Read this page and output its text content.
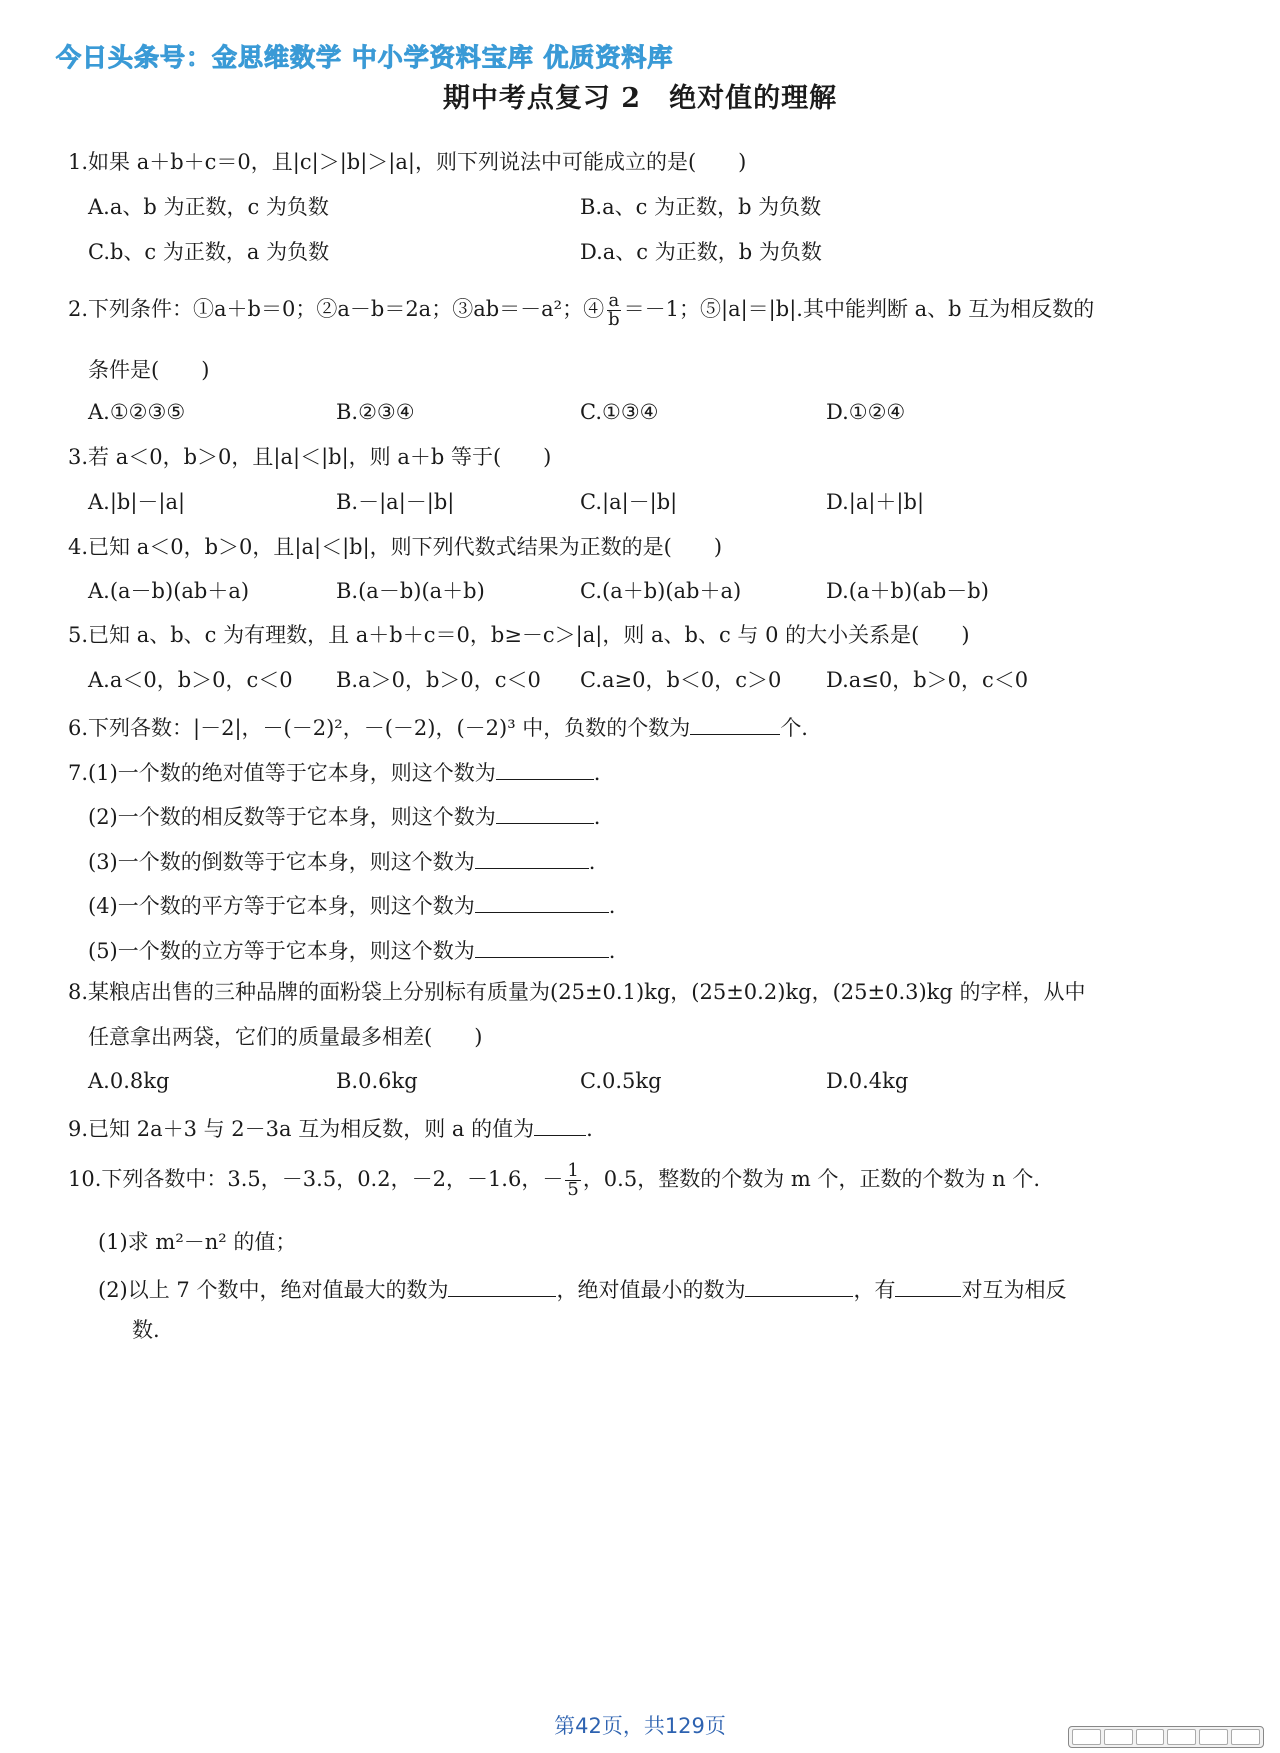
今日头条号：金思维数学 中小学资料宝库 优质资料库
期中考点复习 2　绝对值的理解
1.如果 a＋b＋c＝0，且|c|＞|b|＞|a|，则下列说法中可能成立的是(　　)
A.a、b 为正数，c 为负数	B.a、c 为正数，b 为负数
C.b、c 为正数，a 为负数	D.a、c 为正数，b 为负数
2.下列条件：①a＋b＝0；②a－b＝2a；③ab＝－a²；④ $\frac{a}{b} =-1$；⑤|a|＝|b|.其中能判断 a、b 互为相反数的
条件是(　　)
A.①②③⑤	B.②③④	C.①③④	D.①②④
3.若 a＜0，b＞0，且|a|＜|b|，则 a＋b 等于(　　)
A.|b|－|a|	B.－|a|－|b|	C.|a|－|b|	D.|a|＋|b|
4.已知 a＜0，b＞0，且|a|＜|b|，则下列代数式结果为正数的是(　　)
A.(a－b)(ab＋a)	B.(a－b)(a＋b)	C.(a＋b)(ab＋a)	D.(a＋b)(ab－b)
5.已知 a、b、c 为有理数，且 a＋b＋c＝0，b≥－c＞|a|，则 a、b、c 与 0 的大小关系是(　　)
A.a＜0，b＞0，c＜0 B.a＞0，b＞0，c＜0 C.a≥0，b＜0，c＞0 D.a≤0，b＞0，c＜0
6.下列各数：|－2|，－(－2)²，－(－2)，(－2)³ 中，负数的个数为	个.
7.(1)一个数的绝对值等于它本身，则这个数为	.
(2)一个数的相反数等于它本身，则这个数为	.
(3)一个数的倒数等于它本身，则这个数为	.
(4)一个数的平方等于它本身，则这个数为	.
(5)一个数的立方等于它本身，则这个数为	.
8.某粮店出售的三种品牌的面粉袋上分别标有质量为(25±0.1)kg，(25±0.2)kg，(25±0.3)kg 的字样，从中
任意拿出两袋，它们的质量最多相差(　　)
A.0.8kg	B.0.6kg	C.0.5kg	D.0.4kg
9.已知 2a＋3 与 2－3a 互为相反数，则 a 的值为 .
10.下列各数中：3.5，－3.5，0.2，－2，－1.6，－ $\frac{1}{5}$ ，0.5，整数的个数为 m 个，正数的个数为 n 个.
(1)求 m²－n² 的值；
(2)以上 7 个数中，绝对值最大的数为	，绝对值最小的数为	，有	对互为相反
数.
第42页，共129页
